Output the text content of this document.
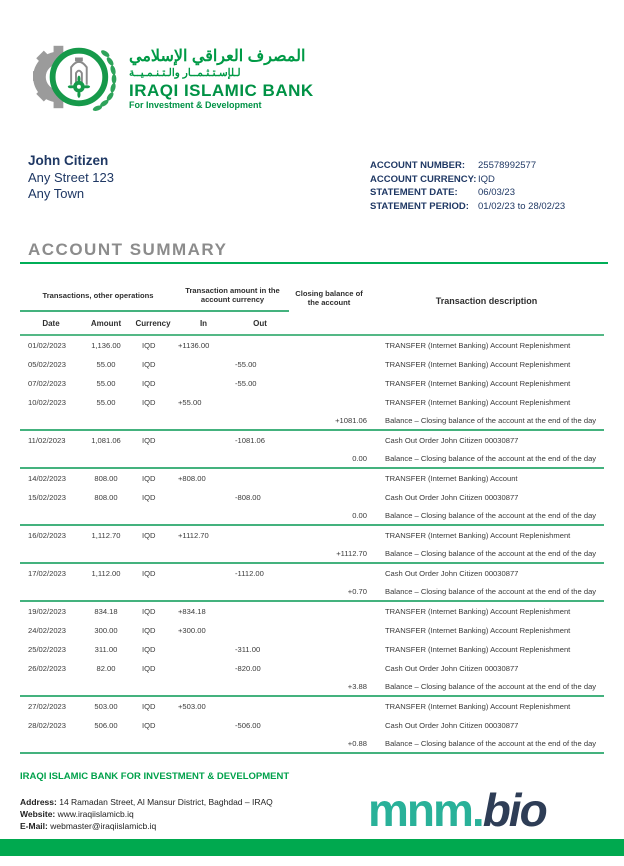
المصرف العراقي الإسلامي
لـلإسـتـثـمــار والـتـنـمـيــة
IRAQI ISLAMIC BANK
For Investment & Development
John Citizen
Any Street 123
Any Town
ACCOUNT NUMBER:	25578992577
ACCOUNT CURRENCY: IQD
STATEMENT DATE:	06/03/23
STATEMENT PERIOD: 01/02/23 to 28/02/23
ACCOUNT SUMMARY
Transactions, other operations	Transaction amount in the account currency
Closing balance of the account	Transaction description
Date	Amount	Currency	In	Out
01/02/2023	1,136.00	IQD	+1136.00	TRANSFER (Internet Banking) Account Replenishment
05/02/2023	55.00	IQD	-55.00	TRANSFER (Internet Banking) Account Replenishment
07/02/2023	55.00	IQD	-55.00	TRANSFER (Internet Banking) Account Replenishment
10/02/2023	55.00	IQD	+55.00	TRANSFER (Internet Banking) Account Replenishment
+1081.06	Balance – Closing balance of the account at the end of the day
11/02/2023	1,081.06	IQD	-1081.06	Cash Out Order John Citizen 00030877
0.00	Balance – Closing balance of the account at the end of the day
14/02/2023	808.00	IQD	+808.00	TRANSFER (Internet Banking) Account
15/02/2023	808.00	IQD	-808.00	Cash Out Order John Citizen 00030877
0.00	Balance – Closing balance of the account at the end of the day
16/02/2023	1,112.70	IQD	+1112.70	TRANSFER (Internet Banking) Account Replenishment
+1112.70	Balance – Closing balance of the account at the end of the day
17/02/2023	1,112.00	IQD	-1112.00	Cash Out Order John Citizen 00030877
+0.70	Balance – Closing balance of the account at the end of the day
19/02/2023	834.18	IQD	+834.18	TRANSFER (Internet Banking) Account Replenishment
24/02/2023	300.00	IQD	+300.00	TRANSFER (Internet Banking) Account Replenishment
25/02/2023	311.00	IQD	-311.00	TRANSFER (Internet Banking) Account Replenishment
26/02/2023	82.00	IQD	-820.00	Cash Out Order John Citizen 00030877
+3.88	Balance – Closing balance of the account at the end of the day
27/02/2023	503.00	IQD	+503.00	TRANSFER (Internet Banking) Account Replenishment
28/02/2023	506.00	IQD	-506.00	Cash Out Order John Citizen 00030877
+0.88	Balance – Closing balance of the account at the end of the day
IRAQI ISLAMIC BANK FOR INVESTMENT & DEVELOPMENT
Address: 14 Ramadan Street, Al Mansur District, Baghdad – IRAQ
Website: www.iraqiislamicb.iq
E-Mail: webmaster@iraqiislamicb.iq	mnm.bio
